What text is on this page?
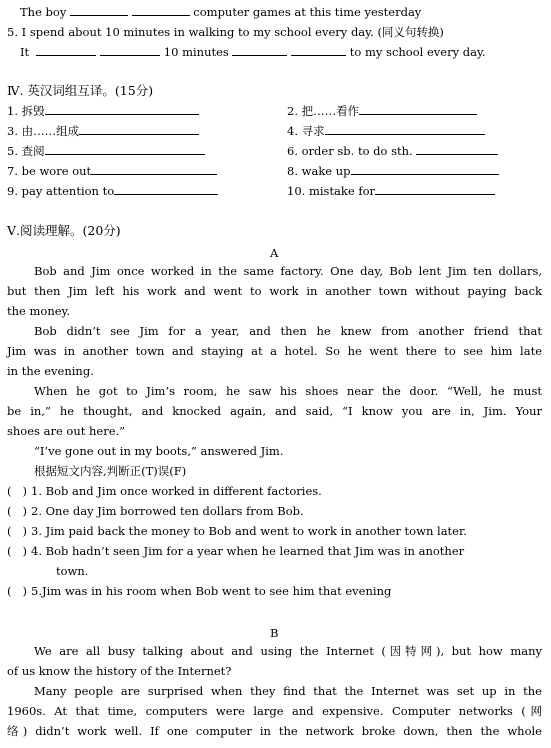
The boy	computer games at this time yesterday
5. I spend about 10 minutes in walking to my school every day. (同义句转换)
It	10 minutes	to my school every day.
Ⅳ. 英汉词组互译。(15分)
1. 拆毁	2. 把……看作
3. 由……组成	4. 寻求
5. 查阅	6. order sb. to do sth.
7. be wore out	8. wake up
9. pay attention to	10. mistake for
Ⅴ.阅读理解。(20分)
A
Bob and Jim once worked in the same factory. One day, Bob lent Jim ten dollars,
but then Jim left his work and went to work in another town without paying back
the money.
Bob didn’t see Jim for a year, and then he knew from another friend that
Jim was in another town and staying at a hotel. So he went there to see him late
in the evening.
When he got to Jim’s room, he saw his shoes near the door. “Well, he must
be in,” he thought, and knocked again, and said, “I know you are in, Jim. Your
shoes are out here.”
“I’ve gone out in my boots,” answered Jim.
根据短文内容,判断正(T)误(F)
(   ) 1. Bob and Jim once worked in different factories.
(   ) 2. One day Jim borrowed ten dollars from Bob.
(   ) 3. Jim paid back the money to Bob and went to work in another town later.
(   ) 4. Bob hadn’t seen Jim for a year when he learned that Jim was in another
town.
(   ) 5.Jim was in his room when Bob went to see him that evening
B
We are all busy talking about and using the Internet (因特网), but how many
of us know the history of the Internet?
Many people are surprised when they find that the Internet was set up in the
1960s. At that time, computers were large and expensive. Computer networks (网
络) didn’t work well. If one computer in the network broke down, then the whole
